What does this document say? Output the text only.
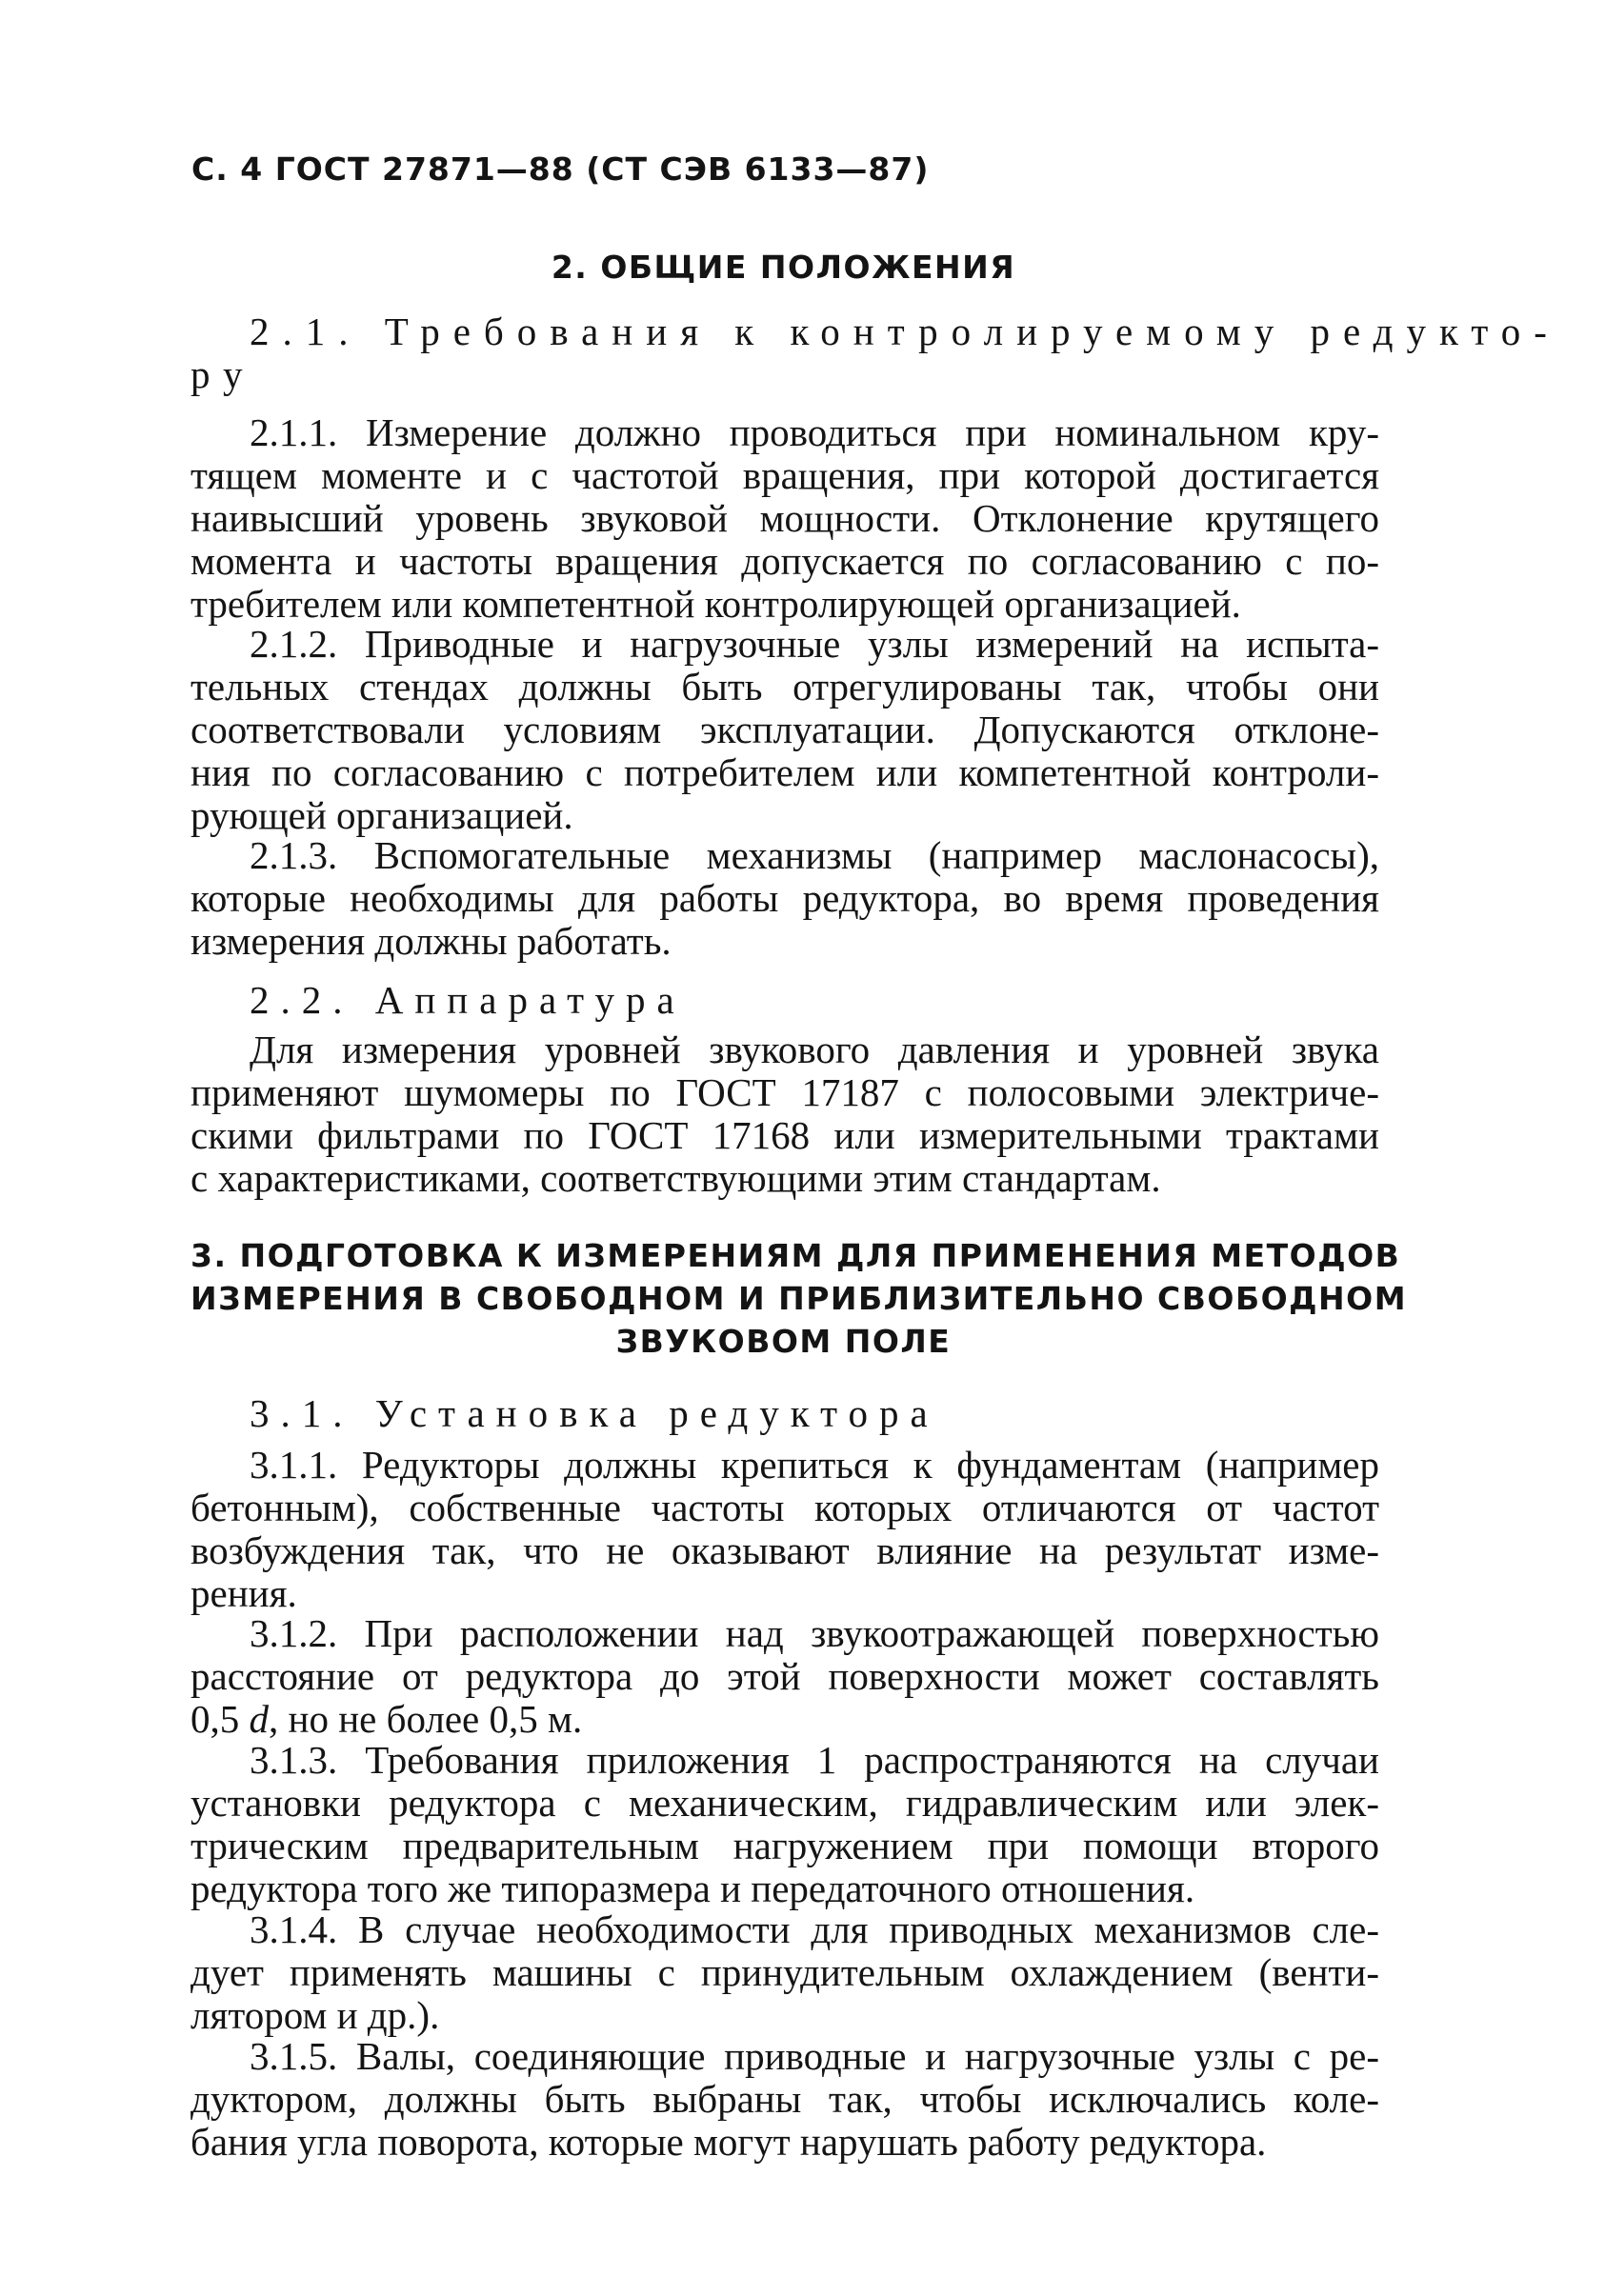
С. 4 ГОСТ 27871—88 (СТ СЭВ 6133—87)
2. ОБЩИЕ ПОЛОЖЕНИЯ
2.1. Требования к контролируемому редукто-
ру
2.1.1. Измерение должно проводиться при номинальном кру-
тящем моменте и с частотой вращения, при которой достигается
наивысший уровень звуковой мощности. Отклонение крутящего
момента и частоты вращения допускается по согласованию с по-
требителем или компетентной контролирующей организацией.
2.1.2. Приводные и нагрузочные узлы измерений на испыта-
тельных стендах должны быть отрегулированы так, чтобы они
соответствовали условиям эксплуатации. Допускаются отклоне-
ния по согласованию с потребителем или компетентной контроли-
рующей организацией.
2.1.3. Вспомогательные механизмы (например маслонасосы),
которые необходимы для работы редуктора, во время проведения
измерения должны работать.
2.2. Аппаратура
Для измерения уровней звукового давления и уровней звука
применяют шумомеры по ГОСТ 17187 с полосовыми электриче-
скими фильтрами по ГОСТ 17168 или измерительными трактами
с характеристиками, соответствующими этим стандартам.
3. ПОДГОТОВКА К ИЗМЕРЕНИЯМ ДЛЯ ПРИМЕНЕНИЯ МЕТОДОВ
ИЗМЕРЕНИЯ В СВОБОДНОМ И ПРИБЛИЗИТЕЛЬНО СВОБОДНОМ
ЗВУКОВОМ ПОЛЕ
3.1. Установка редуктора
3.1.1. Редукторы должны крепиться к фундаментам (например
бетонным), собственные частоты которых отличаются от частот
возбуждения так, что не оказывают влияние на результат изме-
рения.
3.1.2. При расположении над звукоотражающей поверхностью
расстояние от редуктора до этой поверхности может составлять
0,5 d, но не более 0,5 м.
3.1.3. Требования приложения 1 распространяются на случаи
установки редуктора с механическим, гидравлическим или элек-
трическим предварительным нагружением при помощи второго
редуктора того же типоразмера и передаточного отношения.
3.1.4. В случае необходимости для приводных механизмов сле-
дует применять машины с принудительным охлаждением (венти-
лятором и др.).
3.1.5. Валы, соединяющие приводные и нагрузочные узлы с ре-
дуктором, должны быть выбраны так, чтобы исключались коле-
бания угла поворота, которые могут нарушать работу редуктора.
